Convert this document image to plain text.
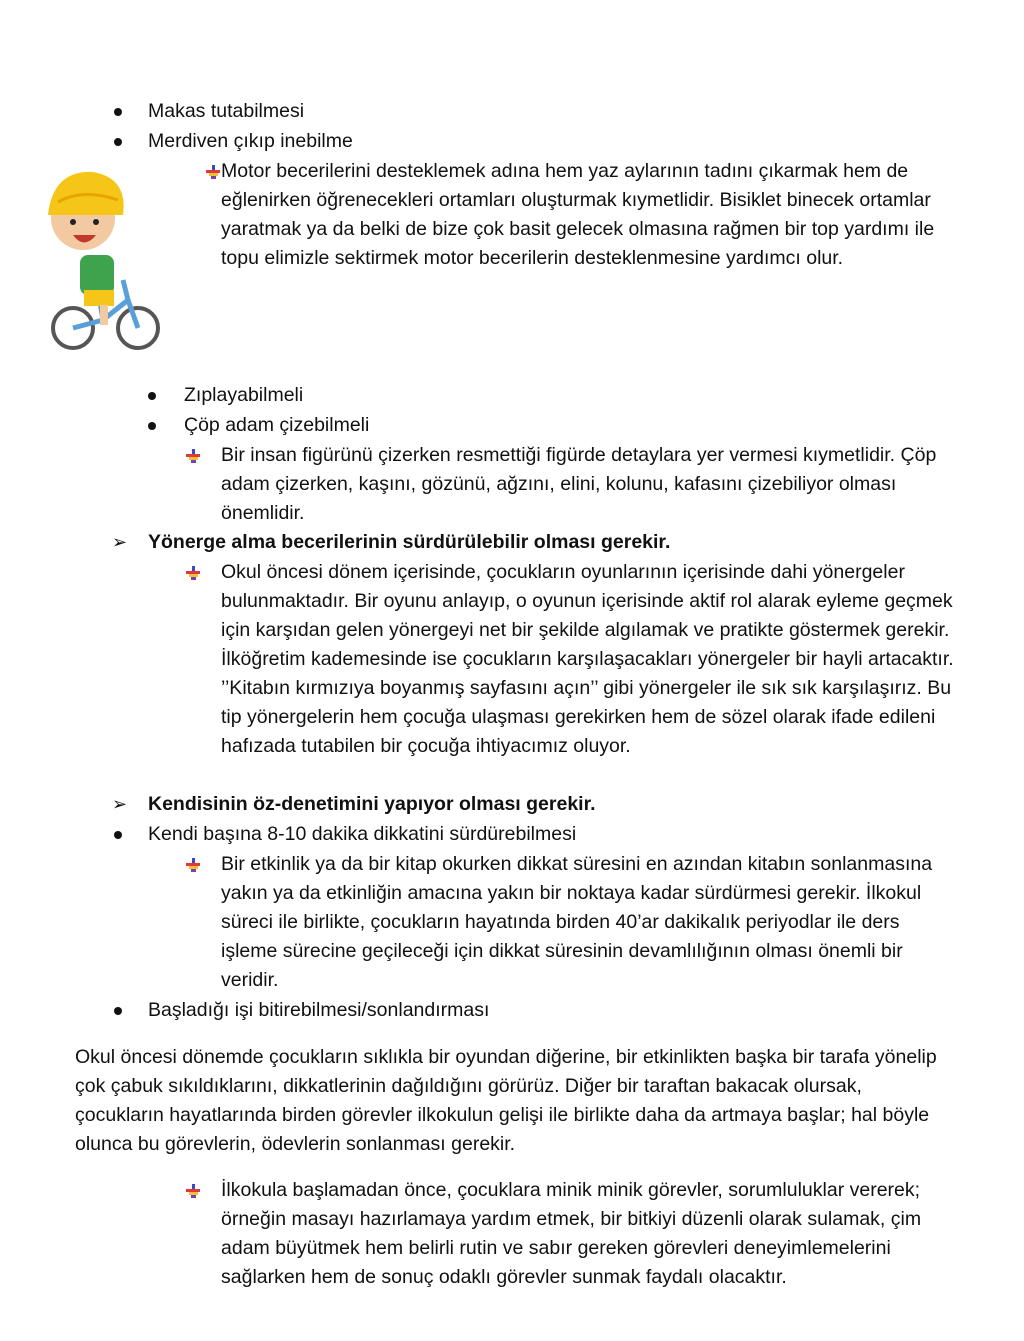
Makas tutabilmesi
Merdiven çıkıp inebilme
Motor becerilerini desteklemek adına hem yaz aylarının tadını çıkarmak hem de
eğlenirken öğrenecekleri ortamları oluşturmak kıymetlidir. Bisiklet binecek ortamlar
yaratmak ya da belki de bize çok basit gelecek olmasına rağmen bir top yardımı ile
topu elimizle sektirmek motor becerilerin desteklenmesine yardımcı olur.
Zıplayabilmeli
Çöp adam çizebilmeli
Bir insan figürünü çizerken resmettiği figürde detaylara yer vermesi kıymetlidir. Çöp
adam çizerken, kaşını, gözünü, ağzını, elini, kolunu, kafasını çizebiliyor olması
önemlidir.
➢ Yönerge alma becerilerinin sürdürülebilir olması gerekir.
Okul öncesi dönem içerisinde, çocukların oyunlarının içerisinde dahi yönergeler
bulunmaktadır. Bir oyunu anlayıp, o oyunun içerisinde aktif rol alarak eyleme geçmek
için karşıdan gelen yönergeyi net bir şekilde algılamak ve pratikte göstermek gerekir.
İlköğretim kademesinde ise çocukların karşılaşacakları yönergeler bir hayli artacaktır.
’’Kitabın kırmızıya boyanmış sayfasını açın’’ gibi yönergeler ile sık sık karşılaşırız. Bu
tip yönergelerin hem çocuğa ulaşması gerekirken hem de sözel olarak ifade edileni
hafızada tutabilen bir çocuğa ihtiyacımız oluyor.
➢ Kendisinin öz-denetimini yapıyor olması gerekir.
Kendi başına 8-10 dakika dikkatini sürdürebilmesi
Bir etkinlik ya da bir kitap okurken dikkat süresini en azından kitabın sonlanmasına
yakın ya da etkinliğin amacına yakın bir noktaya kadar sürdürmesi gerekir. İlkokul
süreci ile birlikte, çocukların hayatında birden 40’ar dakikalık periyodlar ile ders
işleme sürecine geçileceği için dikkat süresinin devamlılığının olması önemli bir
veridir.
Başladığı işi bitirebilmesi/sonlandırması
Okul öncesi dönemde çocukların sıklıkla bir oyundan diğerine, bir etkinlikten başka bir tarafa yönelip
çok çabuk sıkıldıklarını, dikkatlerinin dağıldığını görürüz. Diğer bir taraftan bakacak olursak,
çocukların hayatlarında birden görevler ilkokulun gelişi ile birlikte daha da artmaya başlar; hal böyle
olunca bu görevlerin, ödevlerin sonlanması gerekir.
İlkokula başlamadan önce, çocuklara minik minik görevler, sorumluluklar vererek;
örneğin masayı hazırlamaya yardım etmek, bir bitkiyi düzenli olarak sulamak, çim
adam büyütmek hem belirli rutin ve sabır gereken görevleri deneyimlemelerini
sağlarken hem de sonuç odaklı görevler sunmak faydalı olacaktır.
